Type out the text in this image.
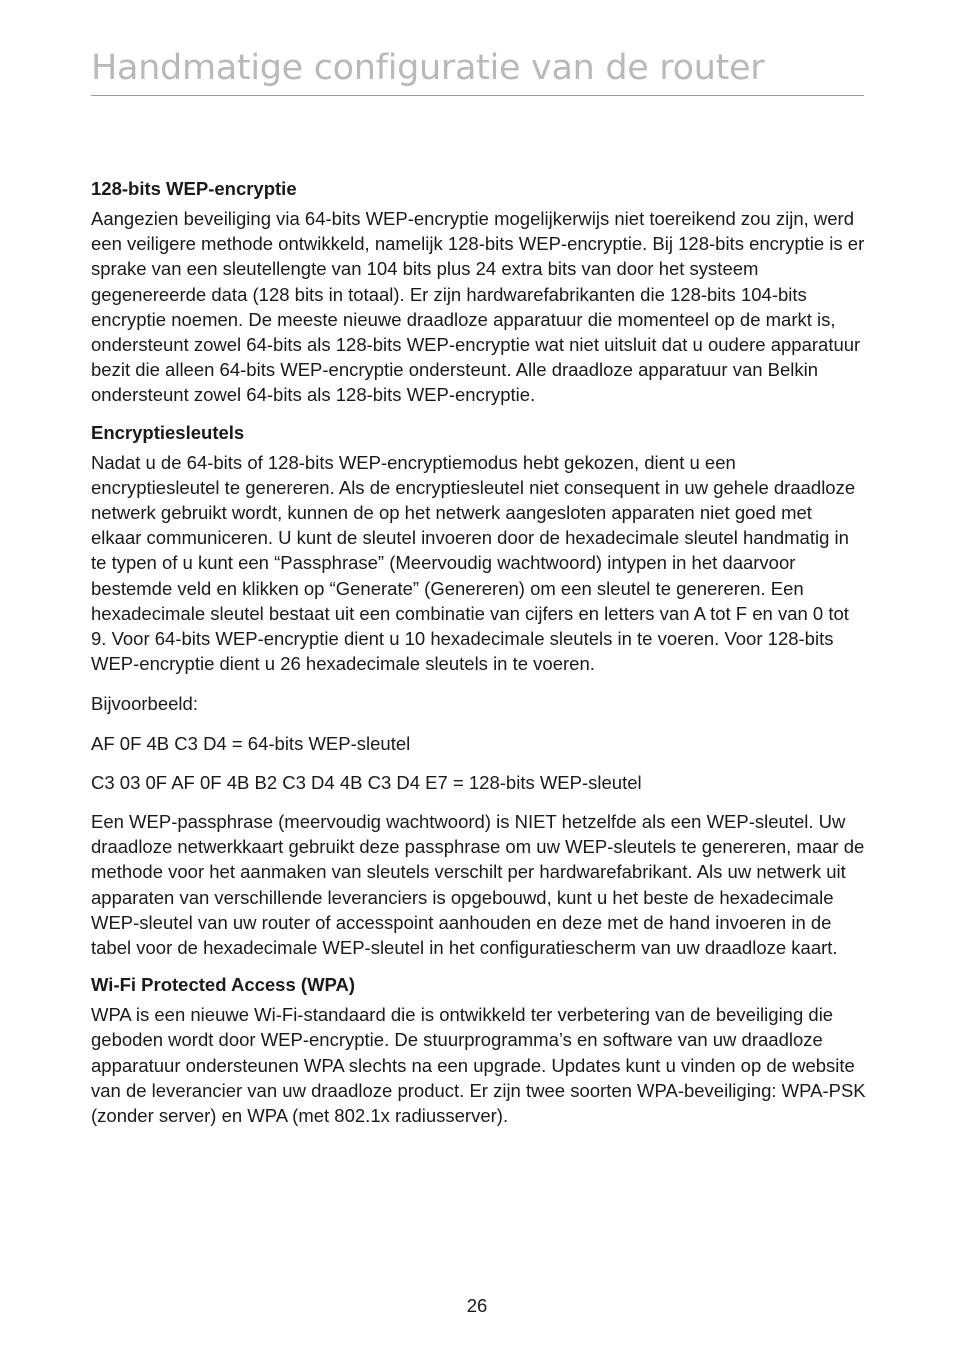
Handmatige configuratie van de router
128-bits WEP-encryptie

Aangezien beveiliging via 64-bits WEP-encryptie mogelijkerwijs niet toereikend zou zijn, werd een veiligere methode ontwikkeld, namelijk 128-bits WEP-encryptie. Bij 128-bits encryptie is er sprake van een sleutellengte van 104 bits plus 24 extra bits van door het systeem gegenereerde data (128 bits in totaal). Er zijn hardwarefabrikanten die 128-bits 104-bits encryptie noemen. De meeste nieuwe draadloze apparatuur die momenteel op de markt is, ondersteunt zowel 64-bits als 128-bits WEP-encryptie wat niet uitsluit dat u oudere apparatuur bezit die alleen 64-bits WEP-encryptie ondersteunt. Alle draadloze apparatuur van Belkin ondersteunt zowel 64-bits als 128-bits WEP-encryptie.

Encryptiesleutels

Nadat u de 64-bits of 128-bits WEP-encryptiemodus hebt gekozen, dient u een encryptiesleutel te genereren. Als de encryptiesleutel niet consequent in uw gehele draadloze netwerk gebruikt wordt, kunnen de op het netwerk aangesloten apparaten niet goed met elkaar communiceren. U kunt de sleutel invoeren door de hexadecimale sleutel handmatig in te typen of u kunt een “Passphrase” (Meervoudig wachtwoord) intypen in het daarvoor bestemde veld en klikken op “Generate” (Genereren) om een sleutel te genereren. Een hexadecimale sleutel bestaat uit een combinatie van cijfers en letters van A tot F en van 0 tot 9. Voor 64-bits WEP-encryptie dient u 10 hexadecimale sleutels in te voeren. Voor 128-bits WEP-encryptie dient u 26 hexadecimale sleutels in te voeren.

Bijvoorbeeld:

AF 0F 4B C3 D4 = 64-bits WEP-sleutel

C3 03 0F AF 0F 4B B2 C3 D4 4B C3 D4 E7 = 128-bits WEP-sleutel

Een WEP-passphrase (meervoudig wachtwoord) is NIET hetzelfde als een WEP-sleutel. Uw draadloze netwerkkaart gebruikt deze passphrase om uw WEP-sleutels te genereren, maar de methode voor het aanmaken van sleutels verschilt per hardwarefabrikant. Als uw netwerk uit apparaten van verschillende leveranciers is opgebouwd, kunt u het beste de hexadecimale WEP-sleutel van uw router of accesspoint aanhouden en deze met de hand invoeren in de tabel voor de hexadecimale WEP-sleutel in het configuratiescherm van uw draadloze kaart.

Wi-Fi Protected Access (WPA)

WPA is een nieuwe Wi-Fi-standaard die is ontwikkeld ter verbetering van de beveiliging die geboden wordt door WEP-encryptie. De stuurprogramma’s en software van uw draadloze apparatuur ondersteunen WPA slechts na een upgrade. Updates kunt u vinden op de website van de leverancier van uw draadloze product. Er zijn twee soorten WPA-beveiliging: WPA-PSK (zonder server) en WPA (met 802.1x radiusserver).

26
